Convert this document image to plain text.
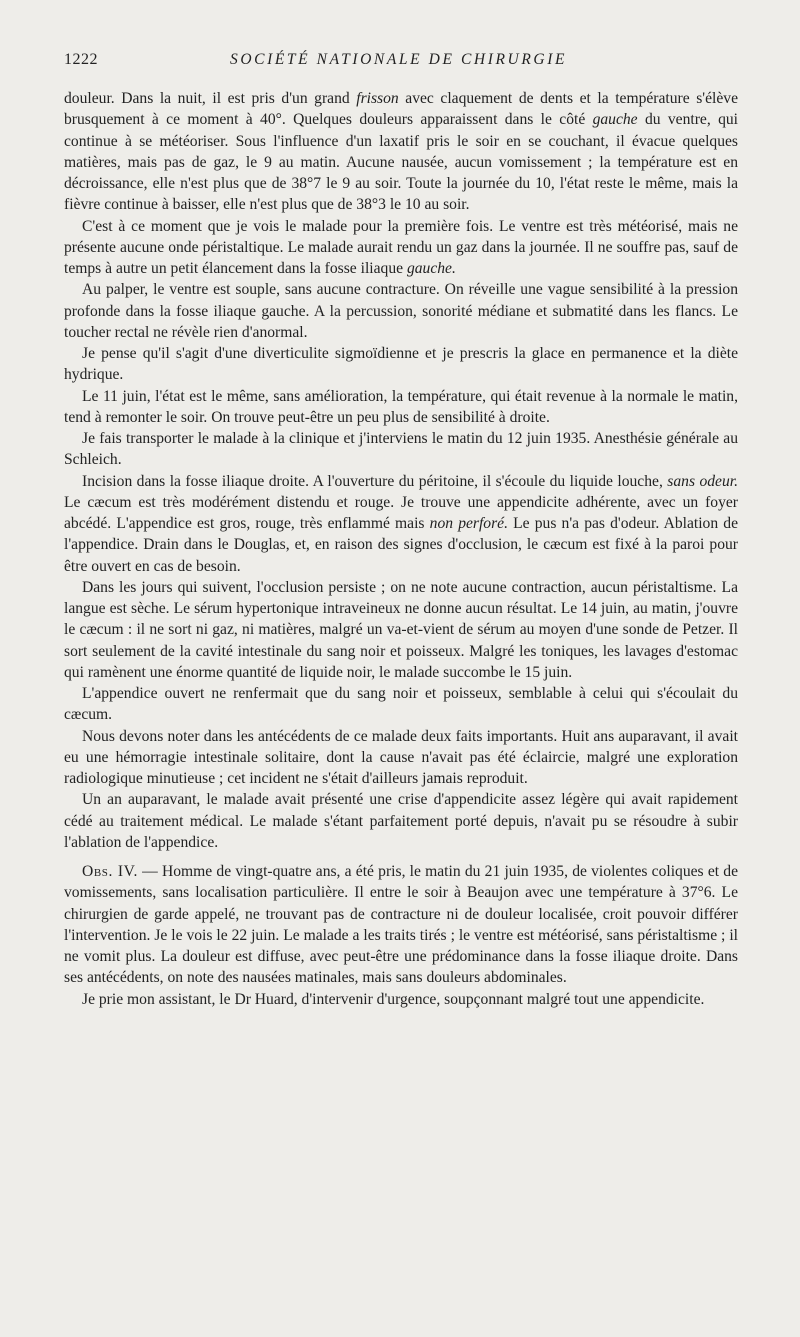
1222	SOCIÉTÉ NATIONALE DE CHIRURGIE

douleur. Dans la nuit, il est pris d'un grand frisson avec claquement de dents et la température s'élève brusquement à ce moment à 40°. Quelques douleurs apparaissent dans le côté gauche du ventre, qui continue à se météoriser. Sous l'influence d'un laxatif pris le soir en se couchant, il évacue quelques matières, mais pas de gaz, le 9 au matin. Aucune nausée, aucun vomissement ; la température est en décroissance, elle n'est plus que de 38°7 le 9 au soir. Toute la journée du 10, l'état reste le même, mais la fièvre continue à baisser, elle n'est plus que de 38°3 le 10 au soir.

C'est à ce moment que je vois le malade pour la première fois. Le ventre est très météorisé, mais ne présente aucune onde péristaltique. Le malade aurait rendu un gaz dans la journée. Il ne souffre pas, sauf de temps à autre un petit élancement dans la fosse iliaque gauche.

Au palper, le ventre est souple, sans aucune contracture. On réveille une vague sensibilité à la pression profonde dans la fosse iliaque gauche. A la percussion, sonorité médiane et submatité dans les flancs. Le toucher rectal ne révèle rien d'anormal.

Je pense qu'il s'agit d'une diverticulite sigmoïdienne et je prescris la glace en permanence et la diète hydrique.

Le 11 juin, l'état est le même, sans amélioration, la température, qui était revenue à la normale le matin, tend à remonter le soir. On trouve peut-être un peu plus de sensibilité à droite.

Je fais transporter le malade à la clinique et j'interviens le matin du 12 juin 1935. Anesthésie générale au Schleich.

Incision dans la fosse iliaque droite. A l'ouverture du péritoine, il s'écoule du liquide louche, sans odeur. Le cæcum est très modérément distendu et rouge. Je trouve une appendicite adhérente, avec un foyer abcédé. L'appendice est gros, rouge, très enflammé mais non perforé. Le pus n'a pas d'odeur. Ablation de l'appendice. Drain dans le Douglas, et, en raison des signes d'occlusion, le cæcum est fixé à la paroi pour être ouvert en cas de besoin.

Dans les jours qui suivent, l'occlusion persiste ; on ne note aucune contraction, aucun péristaltisme. La langue est sèche. Le sérum hypertonique intraveineux ne donne aucun résultat. Le 14 juin, au matin, j'ouvre le cæcum : il ne sort ni gaz, ni matières, malgré un va-et-vient de sérum au moyen d'une sonde de Petzer. Il sort seulement de la cavité intestinale du sang noir et poisseux. Malgré les toniques, les lavages d'estomac qui ramènent une énorme quantité de liquide noir, le malade succombe le 15 juin.

L'appendice ouvert ne renfermait que du sang noir et poisseux, semblable à celui qui s'écoulait du cæcum.

Nous devons noter dans les antécédents de ce malade deux faits importants. Huit ans auparavant, il avait eu une hémorragie intestinale solitaire, dont la cause n'avait pas été éclaircie, malgré une exploration radiologique minutieuse ; cet incident ne s'était d'ailleurs jamais reproduit.

Un an auparavant, le malade avait présenté une crise d'appendicite assez légère qui avait rapidement cédé au traitement médical. Le malade s'étant parfaitement porté depuis, n'avait pu se résoudre à subir l'ablation de l'appendice.

Obs. IV. — Homme de vingt-quatre ans, a été pris, le matin du 21 juin 1935, de violentes coliques et de vomissements, sans localisation particulière. Il entre le soir à Beaujon avec une température à 37°6. Le chirurgien de garde appelé, ne trouvant pas de contracture ni de douleur localisée, croit pouvoir différer l'intervention. Je le vois le 22 juin. Le malade a les traits tirés ; le ventre est météorisé, sans péristaltisme ; il ne vomit plus. La douleur est diffuse, avec peut-être une prédominance dans la fosse iliaque droite. Dans ses antécédents, on note des nausées matinales, mais sans douleurs abdominales.

Je prie mon assistant, le Dr Huard, d'intervenir d'urgence, soupçonnant malgré tout une appendicite.
